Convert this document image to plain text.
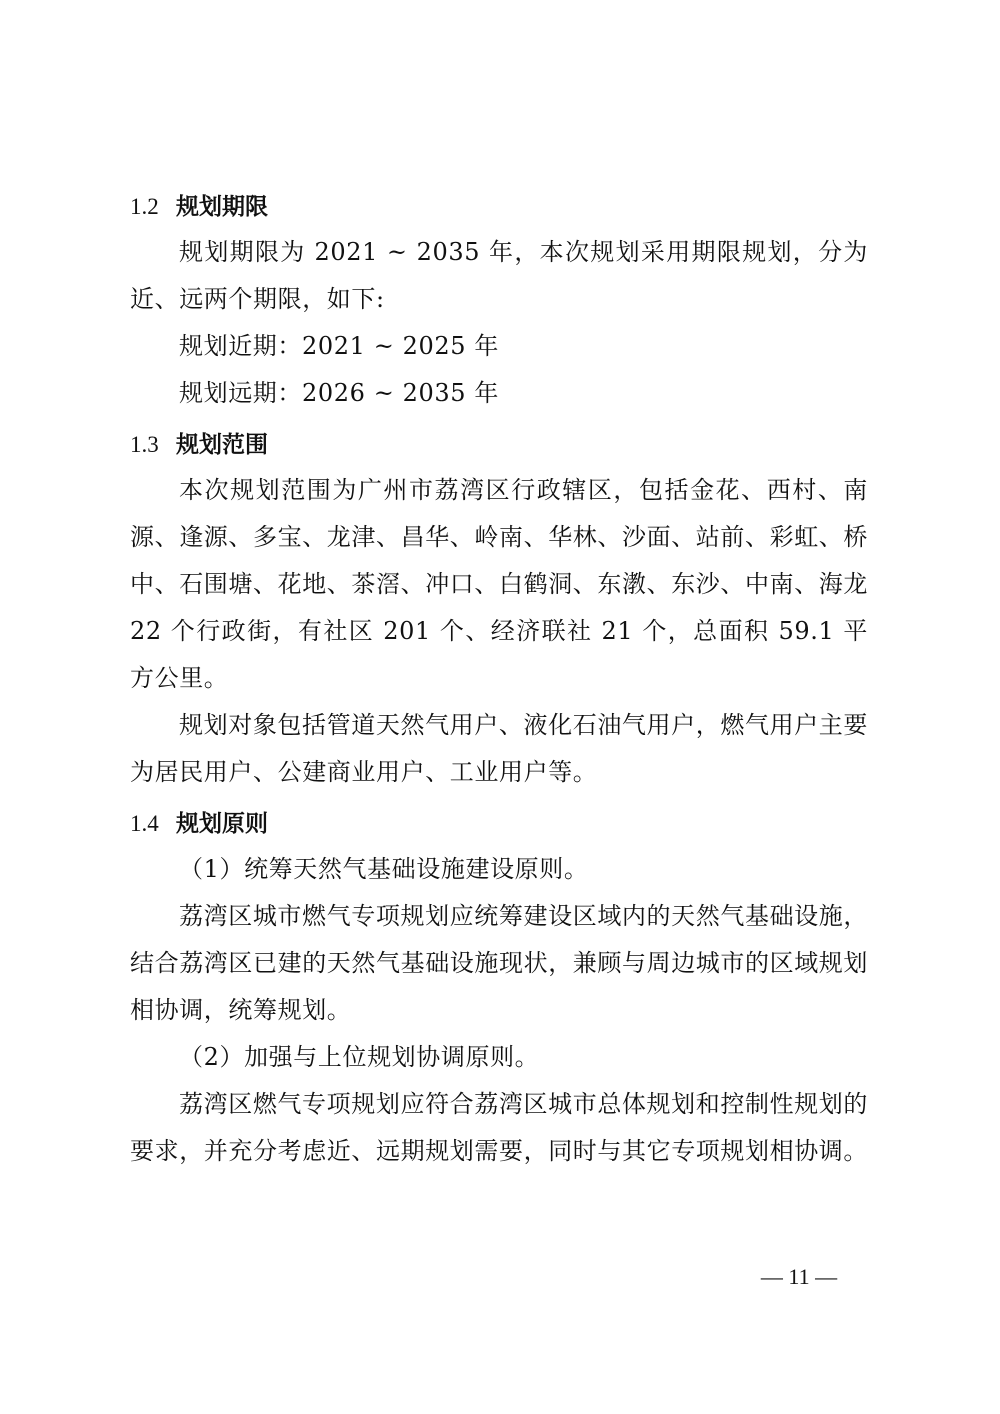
1.2 规划期限

规划期限为 2021 ~ 2035 年，本次规划采用期限规划，分为近、远两个期限，如下:

规划近期：2021 ~ 2025 年

规划远期：2026 ~ 2035 年

1.3 规划范围

本次规划范围为广州市荔湾区行政辖区，包括金花、西村、南源、逢源、多宝、龙津、昌华、岭南、华林、沙面、站前、彩虹、桥中、石围塘、花地、茶滘、冲口、白鹤洞、东漖、东沙、中南、海龙 22 个行政街，有社区 201 个、经济联社 21 个，总面积 59.1 平方公里。

规划对象包括管道天然气用户、液化石油气用户，燃气用户主要为居民用户、公建商业用户、工业用户等。

1.4 规划原则

（1）统筹天然气基础设施建设原则。

荔湾区城市燃气专项规划应统筹建设区域内的天然气基础设施，结合荔湾区已建的天然气基础设施现状，兼顾与周边城市的区域规划相协调，统筹规划。

（2）加强与上位规划协调原则。

荔湾区燃气专项规划应符合荔湾区城市总体规划和控制性规划的要求，并充分考虑近、远期规划需要，同时与其它专项规划相协调。

— 11 —
